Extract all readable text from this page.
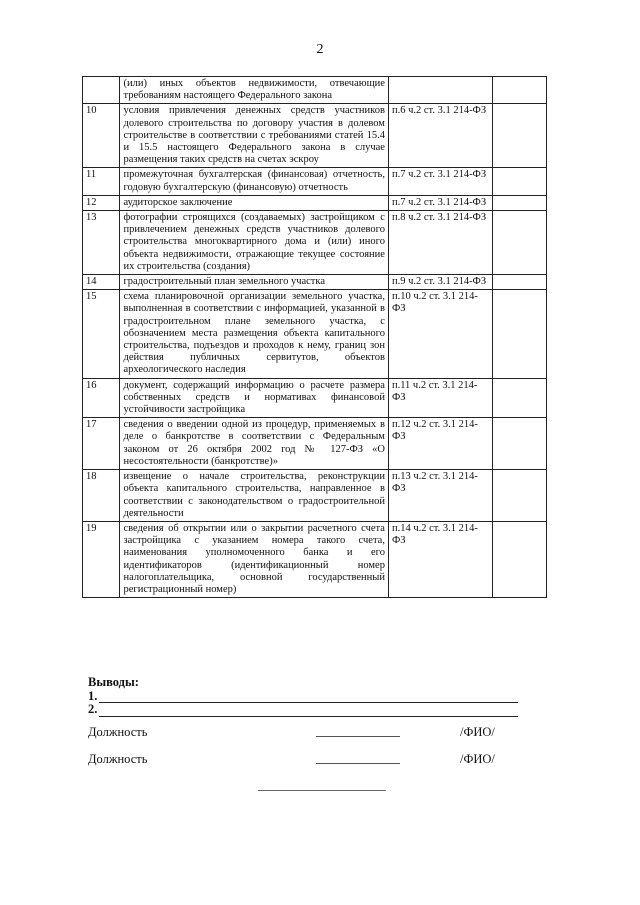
2
	(или) иных объектов недвижимости, отвечающие требованиям настоящего Федерального закона		
10	условия привлечения денежных средств участников долевого строительства по договору участия в долевом строительстве в соответствии с требованиями статей 15.4 и 15.5 настоящего Федерального закона в случае размещения таких средств на счетах эскроу	п.6 ч.2 ст. 3.1 214-ФЗ	
11	промежуточная бухгалтерская (финансовая) отчетность, годовую бухгалтерскую (финансовую) отчетность	п.7 ч.2 ст. 3.1 214-ФЗ	
12	аудиторское заключение	п.7 ч.2 ст. 3.1 214-ФЗ	
13	фотографии строящихся (создаваемых) застройщиком с привлечением денежных средств участников долевого строительства многоквартирного дома и (или) иного объекта недвижимости, отражающие текущее состояние их строительства (создания)	п.8 ч.2 ст. 3.1 214-ФЗ	
14	градостроительный план земельного участка	п.9 ч.2 ст. 3.1 214-ФЗ	
15	схема планировочной организации земельного участка, выполненная в соответствии с информацией, указанной в градостроительном плане земельного участка, с обозначением места размещения объекта капитального строительства, подъездов и проходов к нему, границ зон действия публичных сервитутов, объектов археологического наследия	п.10 ч.2 ст. 3.1 214-ФЗ	
16	документ, содержащий информацию о расчете размера собственных средств и нормативах финансовой устойчивости застройщика	п.11 ч.2 ст. 3.1 214-ФЗ	
17	сведения о введении одной из процедур, применяемых в деле о банкротстве в соответствии с Федеральным законом от 26 октября 2002 год № 127-ФЗ «О несостоятельности (банкротстве)»	п.12 ч.2 ст. 3.1 214-ФЗ	
18	извещение о начале строительства, реконструкции объекта капитального строительства, направленное в соответствии с законодательством о градостроительной деятельности	п.13 ч.2 ст. 3.1 214-ФЗ	
19	сведения об открытии или о закрытии расчетного счета застройщика с указанием номера такого счета, наименования уполномоченного банка и его идентификаторов (идентификационный номер налогоплательщика, основной государственный регистрационный номер)	п.14 ч.2 ст. 3.1 214-ФЗ	
Выводы:
1.
2.
Должность	/ФИО/
Должность	/ФИО/
